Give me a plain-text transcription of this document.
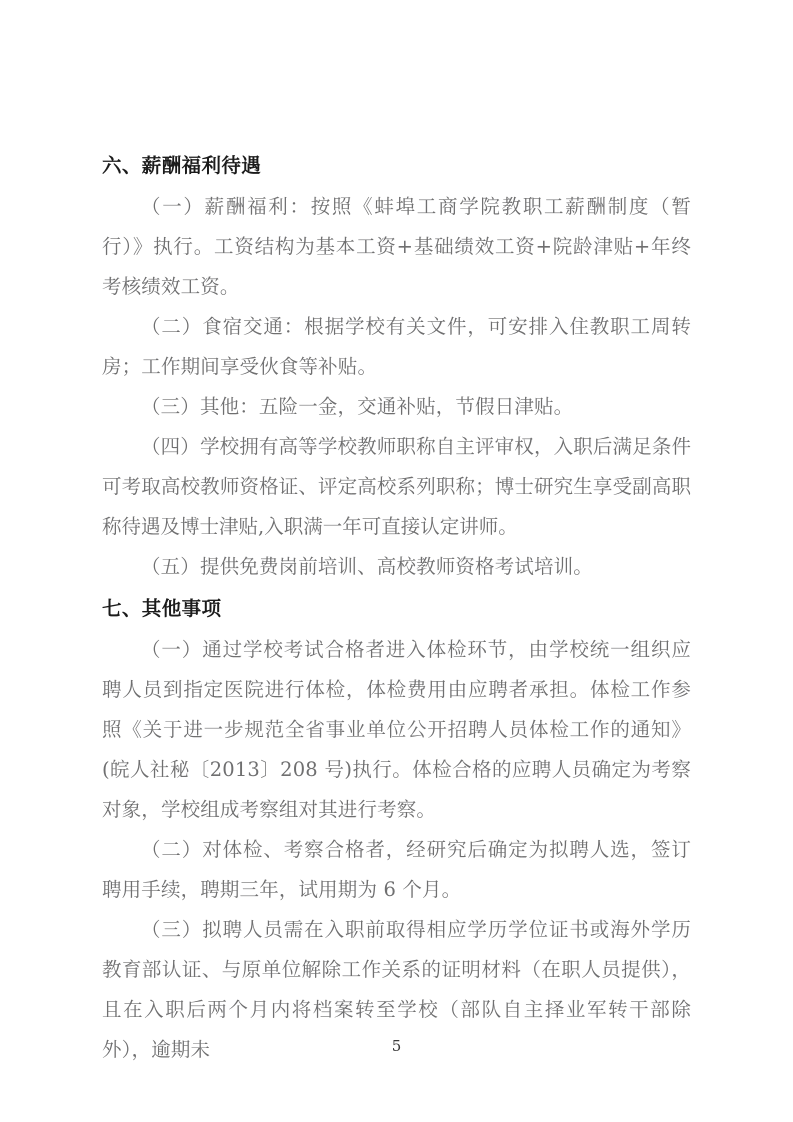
六、薪酬福利待遇

（一）薪酬福利：按照《蚌埠工商学院教职工薪酬制度（暂行）》执行。工资结构为基本工资+基础绩效工资+院龄津贴+年终考核绩效工资。

（二）食宿交通：根据学校有关文件，可安排入住教职工周转房；工作期间享受伙食等补贴。

（三）其他：五险一金，交通补贴，节假日津贴。

（四）学校拥有高等学校教师职称自主评审权，入职后满足条件可考取高校教师资格证、评定高校系列职称；博士研究生享受副高职称待遇及博士津贴,入职满一年可直接认定讲师。

（五）提供免费岗前培训、高校教师资格考试培训。

七、其他事项

（一）通过学校考试合格者进入体检环节，由学校统一组织应聘人员到指定医院进行体检，体检费用由应聘者承担。体检工作参照《关于进一步规范全省事业单位公开招聘人员体检工作的通知》(皖人社秘〔2013〕208 号)执行。体检合格的应聘人员确定为考察对象，学校组成考察组对其进行考察。

（二）对体检、考察合格者，经研究后确定为拟聘人选，签订聘用手续，聘期三年，试用期为 6 个月。

（三）拟聘人员需在入职前取得相应学历学位证书或海外学历教育部认证、与原单位解除工作关系的证明材料（在职人员提供），且在入职后两个月内将档案转至学校（部队自主择业军转干部除外），逾期未	5
